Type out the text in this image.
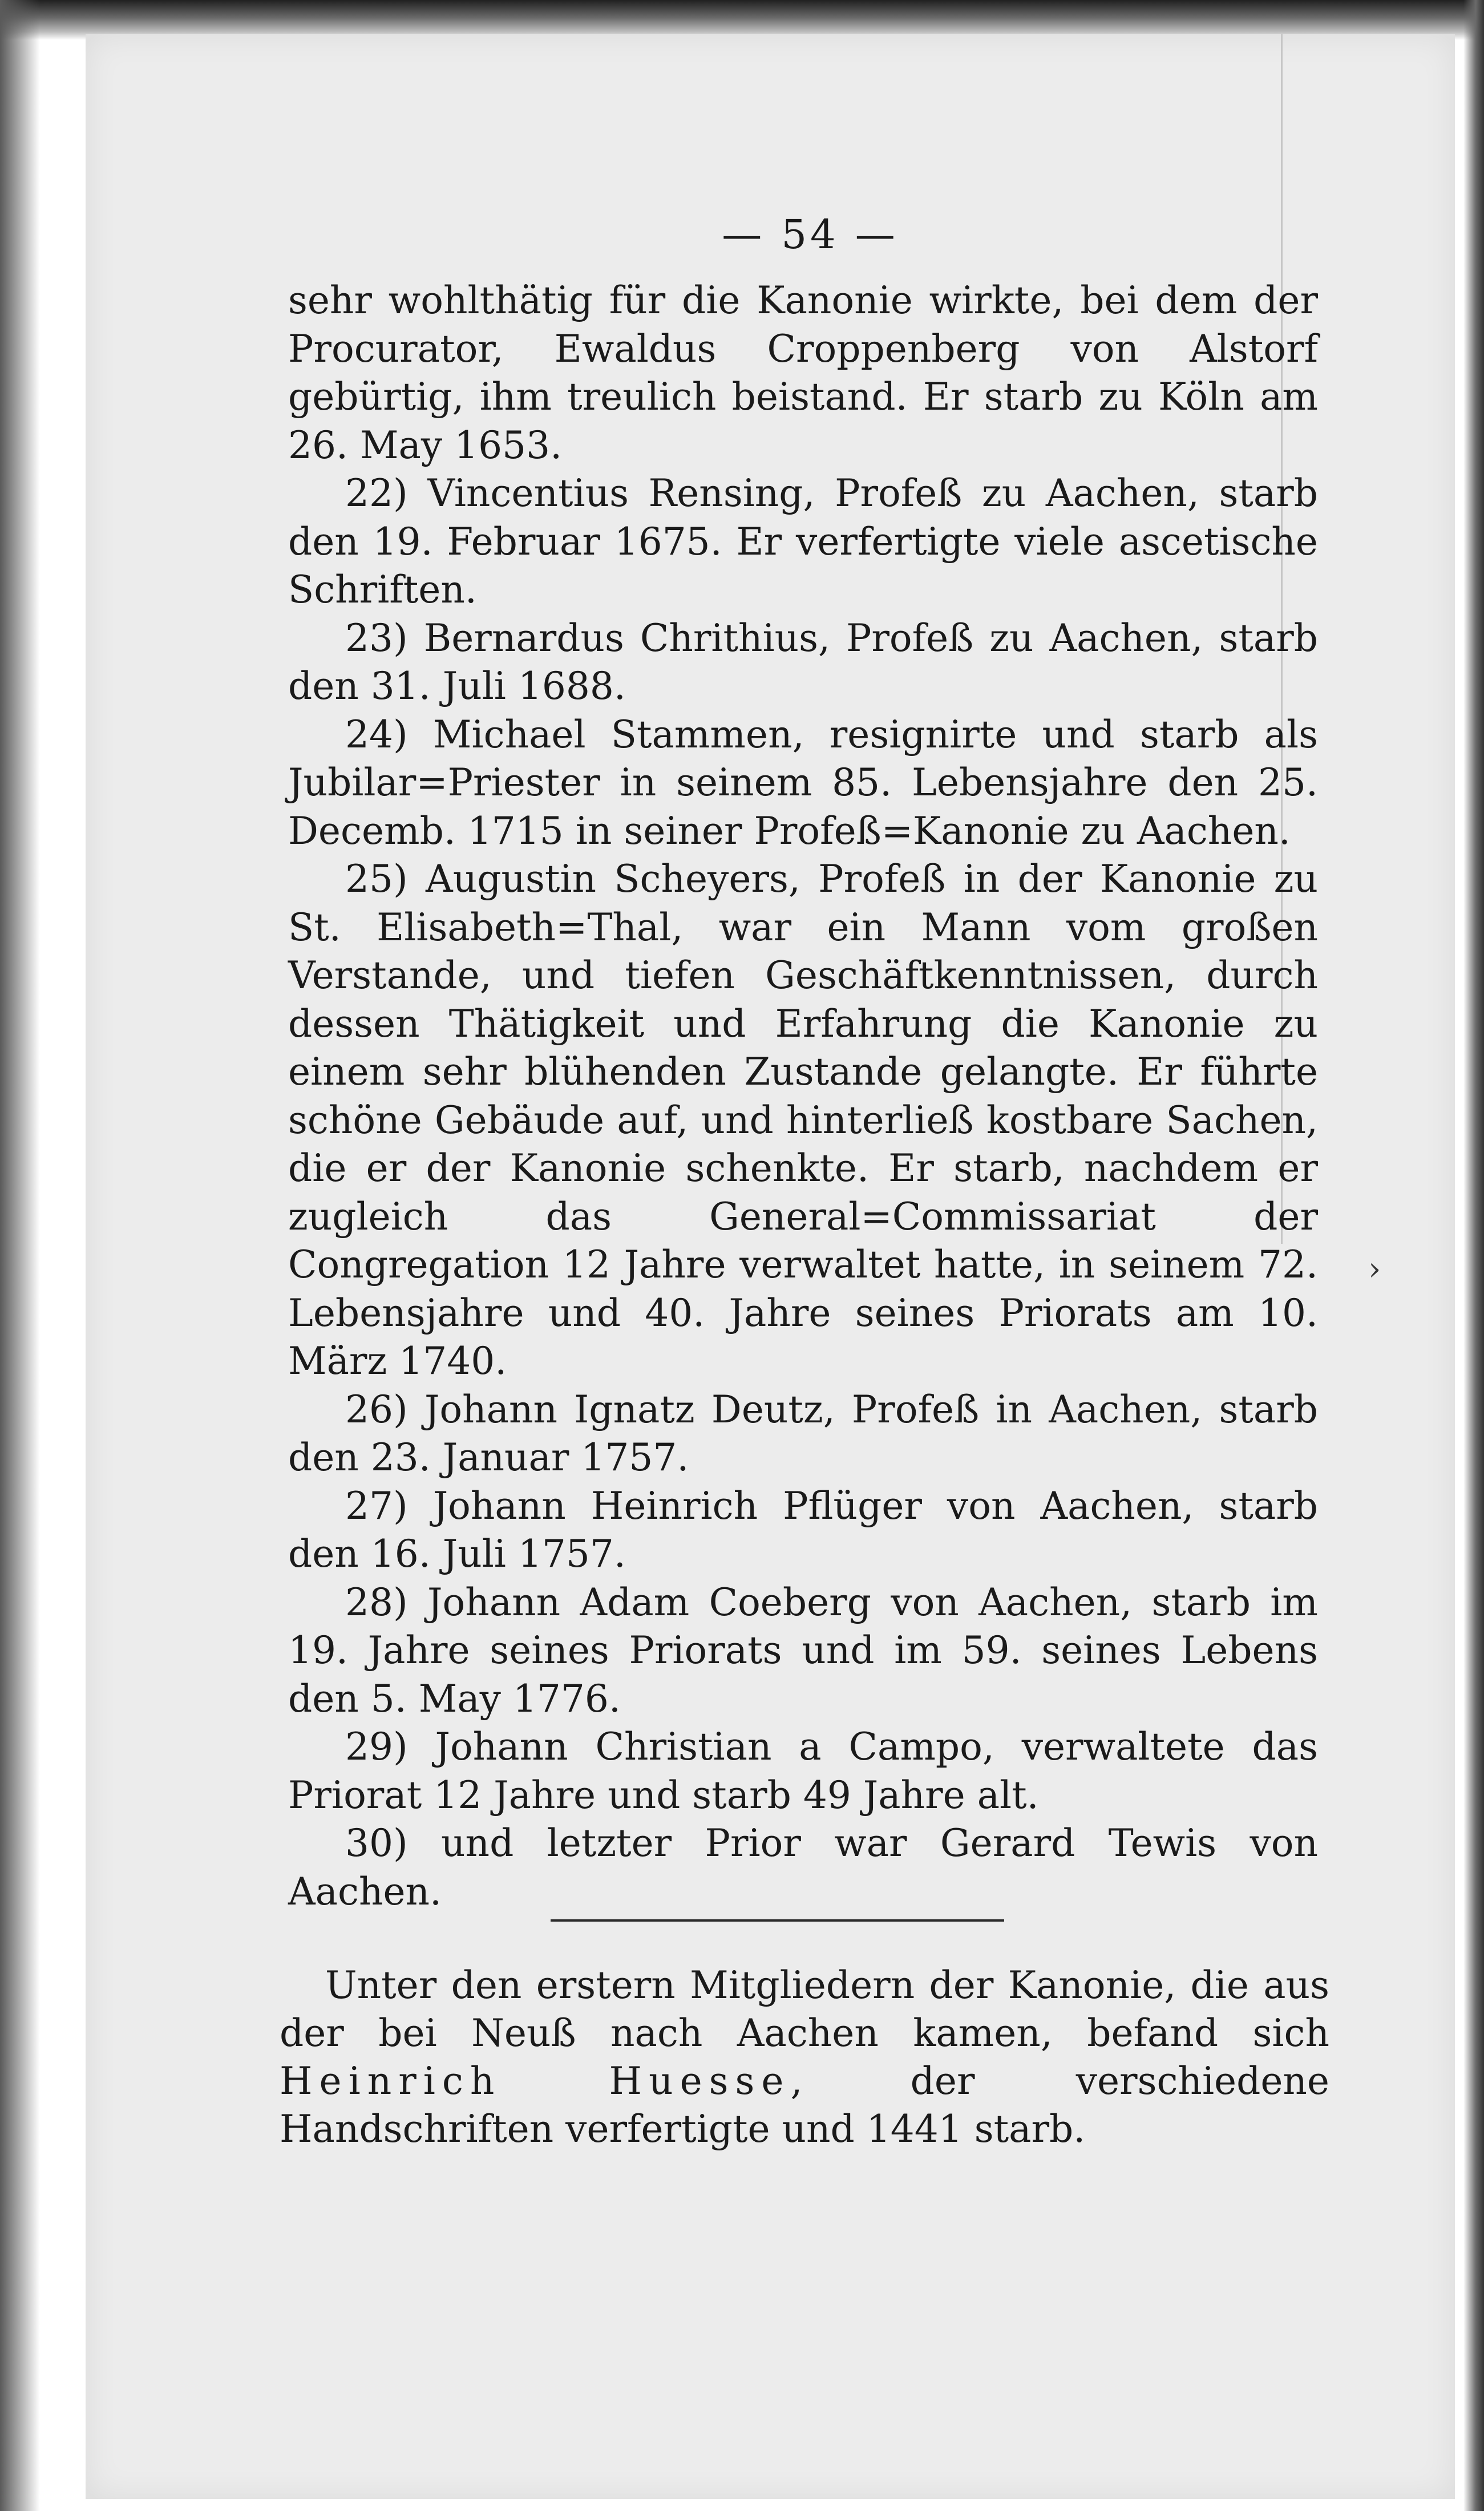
›
— 54 —

sehr wohlthätig für die Kanonie wirkte, bei dem der Procurator, Ewaldus Croppenberg von Alstorf gebürtig, ihm treulich beistand. Er starb zu Köln am 26. May 1653.

22) Vincentius Rensing, Profeß zu Aachen, starb den 19. Februar 1675. Er verfertigte viele ascetische Schriften.

23) Bernardus Chrithius, Profeß zu Aachen, starb den 31. Juli 1688.

24) Michael Stammen, resignirte und starb als Jubilar=Priester in seinem 85. Lebensjahre den 25. Decemb. 1715 in seiner Profeß=Kanonie zu Aachen.

25) Augustin Scheyers, Profeß in der Kanonie zu St. Elisabeth=Thal, war ein Mann vom großen Verstande, und tiefen Geschäftkenntnissen, durch dessen Thätigkeit und Erfahrung die Kanonie zu einem sehr blühenden Zustande gelangte. Er führte schöne Gebäude auf, und hinterließ kostbare Sachen, die er der Kanonie schenkte. Er starb, nachdem er zugleich das General=Commissariat der Congregation 12 Jahre verwaltet hatte, in seinem 72. Lebensjahre und 40. Jahre seines Priorats am 10. März 1740.

26) Johann Ignatz Deutz, Profeß in Aachen, starb den 23. Januar 1757.

27) Johann Heinrich Pflüger von Aachen, starb den 16. Juli 1757.

28) Johann Adam Coeberg von Aachen, starb im 19. Jahre seines Priorats und im 59. seines Lebens den 5. May 1776.

29) Johann Christian a Campo, verwaltete das Priorat 12 Jahre und starb 49 Jahre alt.

30) und letzter Prior war Gerard Tewis von Aachen.

Unter den erstern Mitgliedern der Kanonie, die aus der bei Neuß nach Aachen kamen, befand sich Heinrich Huesse,	der verschiedene Handschriften verfertigte und 1441 starb.
